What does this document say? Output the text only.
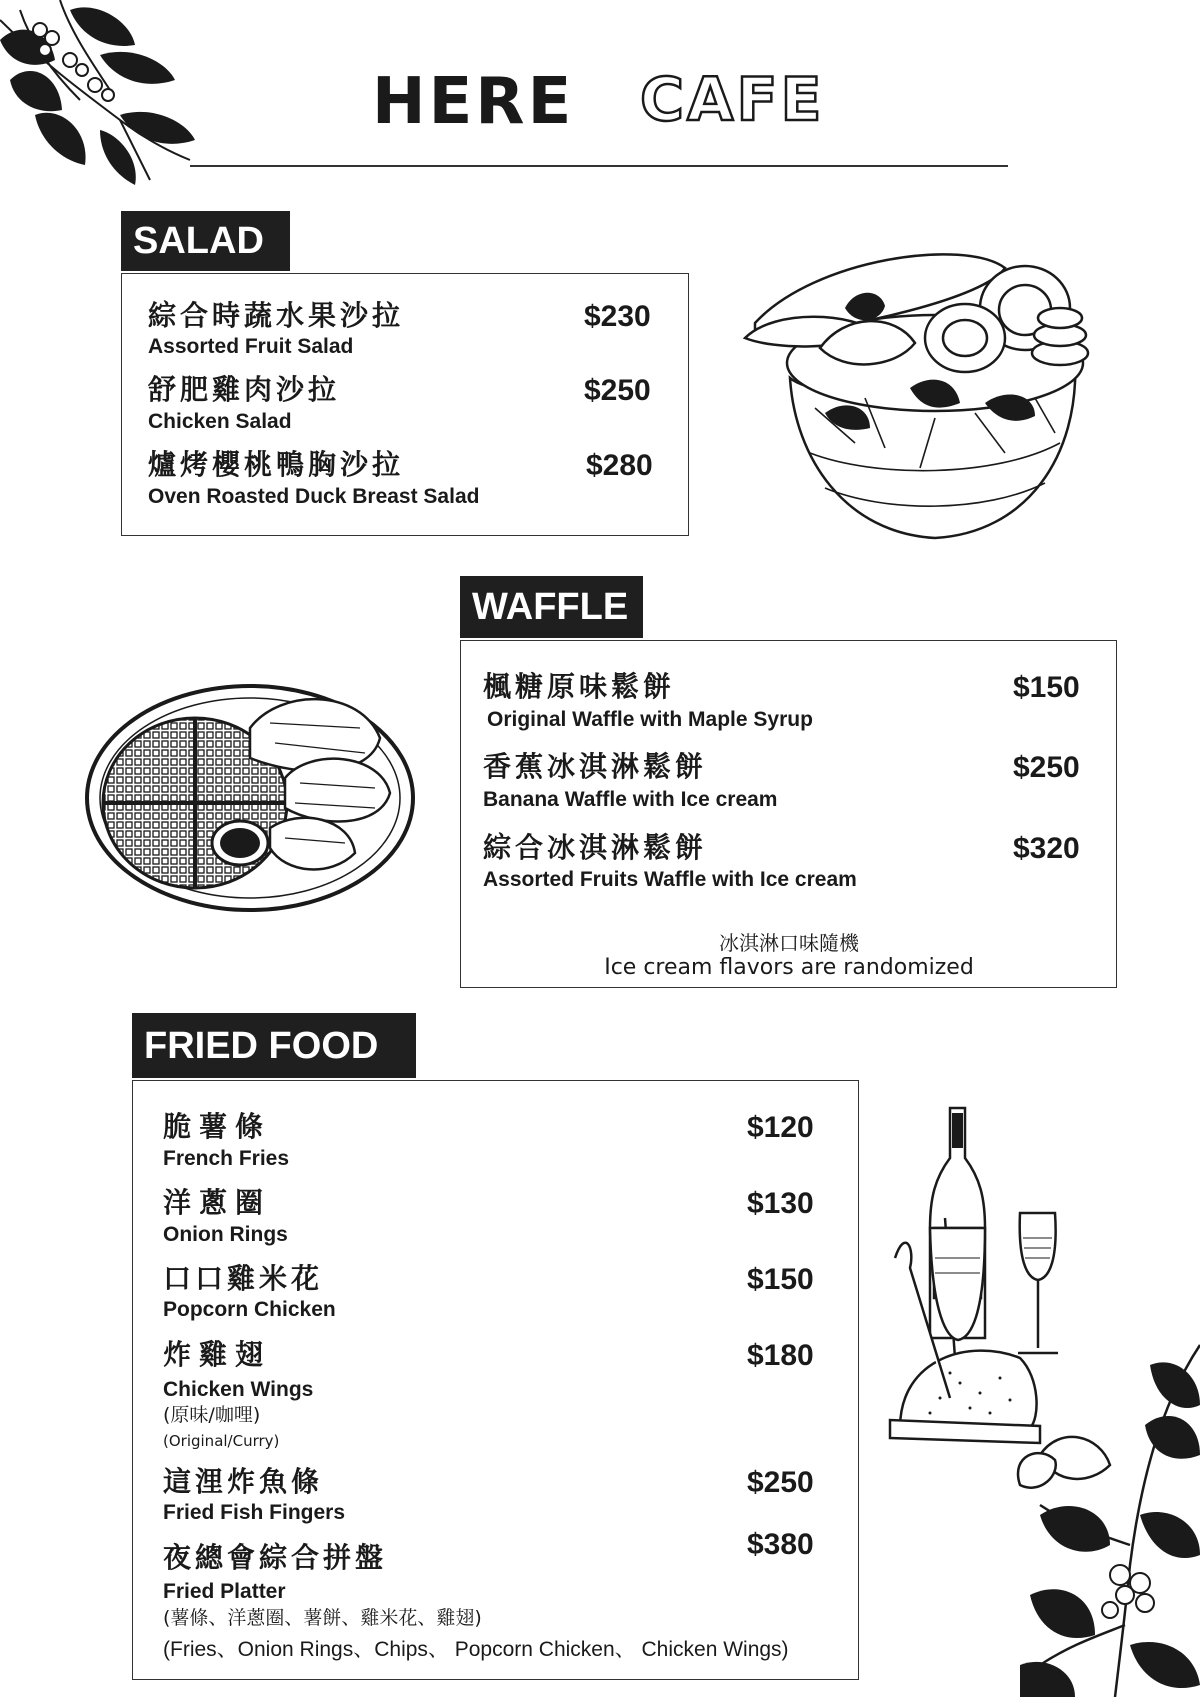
HERE CAFE
SALAD
綜合時蔬水果沙拉	$230
Assorted Fruit Salad
舒肥雞肉沙拉	$250
Chicken Salad
爐烤櫻桃鴨胸沙拉	$280
Oven Roasted Duck Breast Salad
WAFFLE
楓糖原味鬆餅	$150
Original Waffle with Maple Syrup
香蕉冰淇淋鬆餅	$250
Banana Waffle with Ice cream
綜合冰淇淋鬆餅	$320
Assorted Fruits Waffle with Ice cream
冰淇淋口味隨機
Ice cream flavors are randomized
FRIED FOOD
脆薯條	$120
French Fries
洋蔥圈	$130
Onion Rings
口口雞米花	$150
Popcorn Chicken
炸雞翅	$180
Chicken Wings
(原味/咖哩)
(Original/Curry)
這浬炸魚條	$250
Fried Fish Fingers
夜總會綜合拼盤	$380
Fried Platter
(薯條、洋蔥圈、薯餅、雞米花、雞翅)
(Fries、Onion Rings、Chips、 Popcorn Chicken、 Chicken Wings)
